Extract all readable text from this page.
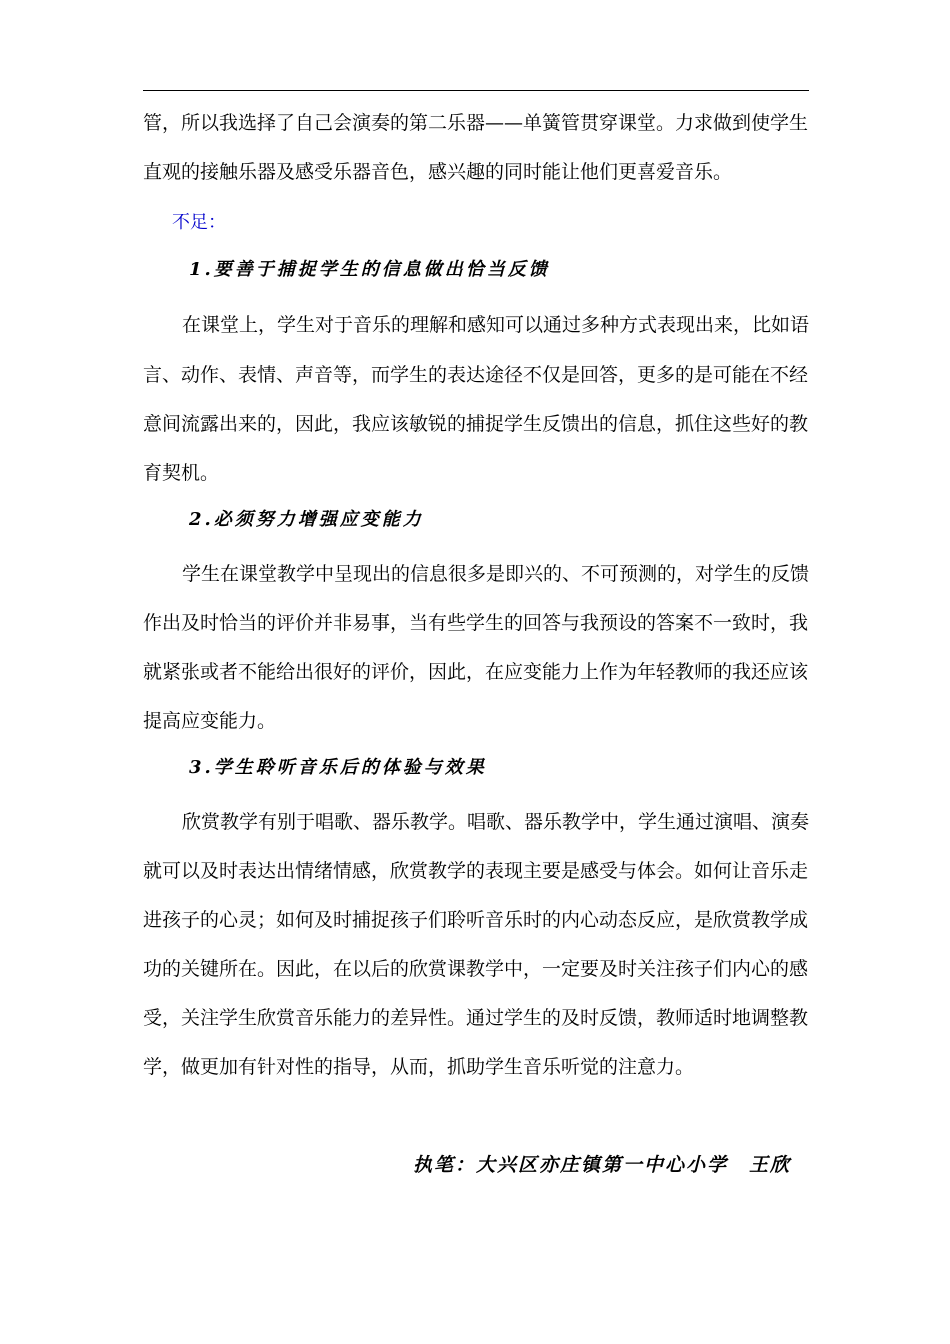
管，所以我选择了自己会演奏的第二乐器——单簧管贯穿课堂。力求做到使学生
直观的接触乐器及感受乐器音色，感兴趣的同时能让他们更喜爱音乐。
不足：
1.要善于捕捉学生的信息做出恰当反馈
在课堂上，学生对于音乐的理解和感知可以通过多种方式表现出来，比如语
言、动作、表情、声音等，而学生的表达途径不仅是回答，更多的是可能在不经
意间流露出来的，因此，我应该敏锐的捕捉学生反馈出的信息，抓住这些好的教
育契机。
2.必须努力增强应变能力
学生在课堂教学中呈现出的信息很多是即兴的、不可预测的，对学生的反馈
作出及时恰当的评价并非易事，当有些学生的回答与我预设的答案不一致时，我
就紧张或者不能给出很好的评价，因此，在应变能力上作为年轻教师的我还应该
提高应变能力。
3.学生聆听音乐后的体验与效果
欣赏教学有别于唱歌、器乐教学。唱歌、器乐教学中，学生通过演唱、演奏
就可以及时表达出情绪情感，欣赏教学的表现主要是感受与体会。如何让音乐走
进孩子的心灵；如何及时捕捉孩子们聆听音乐时的内心动态反应，是欣赏教学成
功的关键所在。因此，在以后的欣赏课教学中，一定要及时关注孩子们内心的感
受，关注学生欣赏音乐能力的差异性。通过学生的及时反馈，教师适时地调整教
学，做更加有针对性的指导，从而，抓助学生音乐听觉的注意力。
执笔：大兴区亦庄镇第一中心小学　王欣
